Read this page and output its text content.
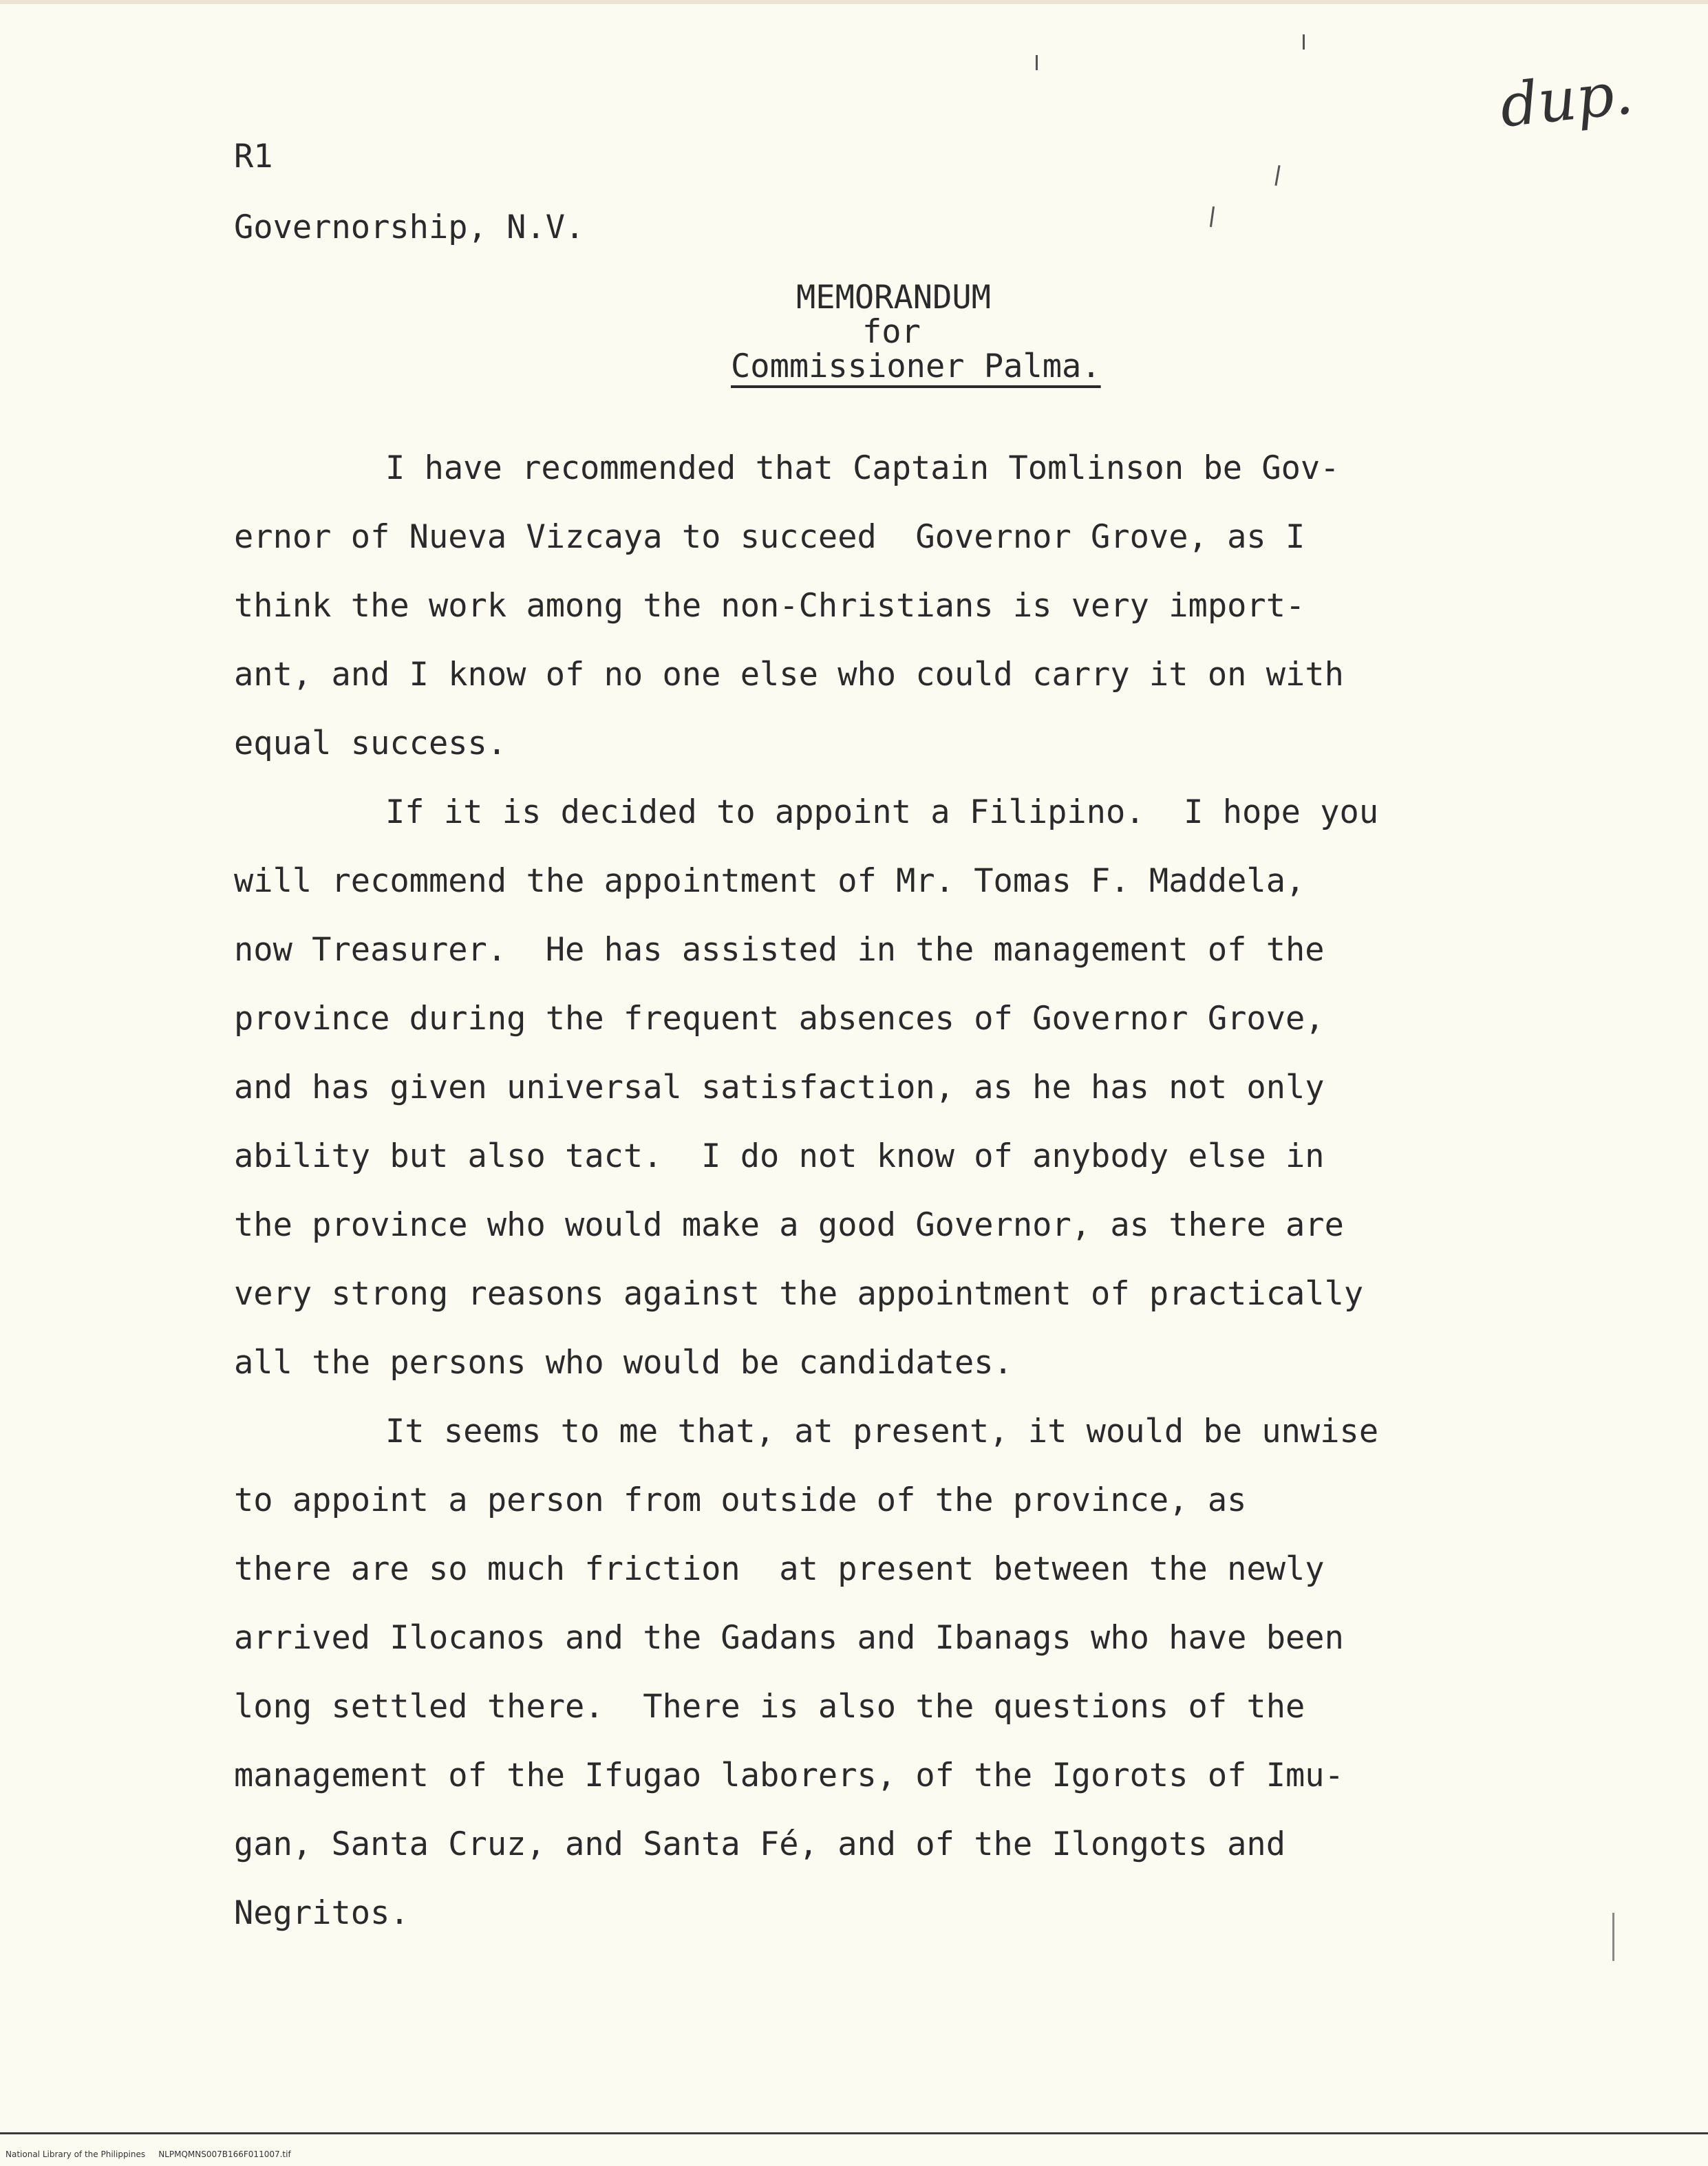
dup.
R1
Governorship, N.V.
MEMORANDUM
for
Commissioner Palma.
I have recommended that Captain Tomlinson be Gov-
ernor of Nueva Vizcaya to succeed  Governor Grove, as I
think the work among the non-Christians is very import-
ant, and I know of no one else who could carry it on with
equal success.
If it is decided to appoint a Filipino.  I hope you
will recommend the appointment of Mr. Tomas F. Maddela,
now Treasurer.  He has assisted in the management of the
province during the frequent absences of Governor Grove,
and has given universal satisfaction, as he has not only
ability but also tact.  I do not know of anybody else in
the province who would make a good Governor, as there are
very strong reasons against the appointment of practically
all the persons who would be candidates.
It seems to me that, at present, it would be unwise
to appoint a person from outside of the province, as
there are so much friction  at present between the newly
arrived Ilocanos and the Gadans and Ibanags who have been
long settled there.  There is also the questions of the
management of the Ifugao laborers, of the Igorots of Imu-
gan, Santa Cruz, and Santa Fé, and of the Ilongots and
Negritos.
National Library of the Philippines     NLPMQMNS007B166F011007.tif
